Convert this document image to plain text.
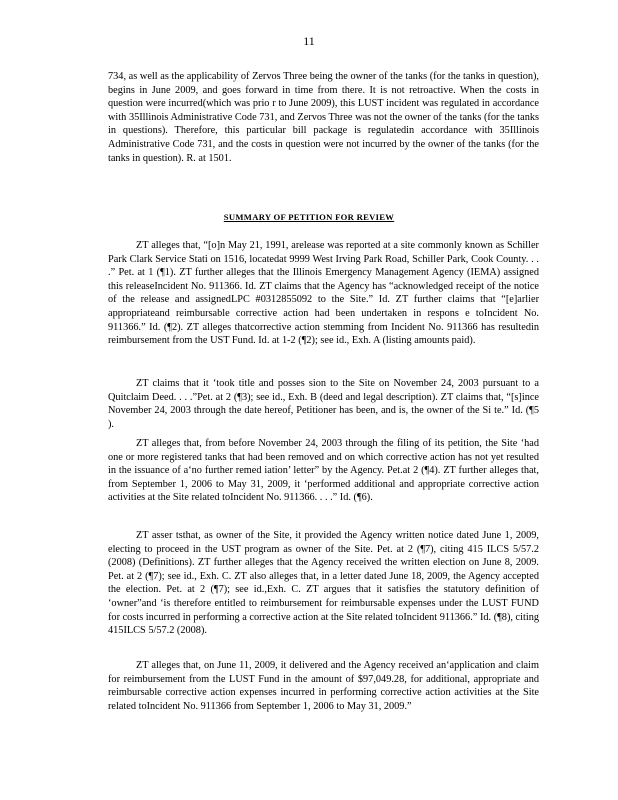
11

734, as well as the applicability of Zervos Three being the owner of the tanks (for the tanks in question), begins in June 2009, and goes forward in time from there. It is not retroactive. When the costs in question were incurred(which was prio r to June 2009), this LUST incident was regulated in accordance with 35Illinois Administrative Code 731, and Zervos Three was not the owner of the tanks (for the tanks in questions). Therefore, this particular bill package is regulatedin accordance with 35Illinois Administrative Code 731, and the costs in question were not incurred by the owner of the tanks (for the tanks in question). R. at 1501.

SUMMARY OF PETITION FOR REVIEW

ZT alleges that, “[o]n May 21, 1991, arelease was reported at a site commonly known as Schiller Park Clark Service Stati on 1516, locatedat 9999 West Irving Park Road, Schiller Park, Cook County. . . .” Pet. at 1 (¶1). ZT further alleges that the Illinois Emergency Management Agency (IEMA) assigned this releaseIncident No. 911366. Id. ZT claims that the Agency has “acknowledged receipt of the notice of the release and assignedLPC #0312855092 to the Site.” Id. ZT further claims that “[e]arlier appropriateand reimbursable corrective action had been undertaken in respons e toIncident No. 911366.” Id. (¶2). ZT alleges thatcorrective action stemming from Incident No. 911366 has resultedin reimbursement from the UST Fund. Id. at 1-2 (¶2); see id., Exh. A (listing amounts paid).

ZT claims that it ‘took title and posses sion to the Site on November 24, 2003 pursuant to a Quitclaim Deed. . . .”Pet. at 2 (¶3); see id., Exh. B (deed and legal description). ZT claims that, “[s]ince November 24, 2003 through the date hereof, Petitioner has been, and is, the owner of the Si te.” Id. (¶5 ).

ZT alleges that, from before November 24, 2003 through the filing of its petition, the Site ‘had one or more registered tanks that had been removed and on which corrective action has not yet resulted in the issuance of a‘no further remed iation’ letter” by the Agency. Pet.at 2 (¶4). ZT further alleges that, from September 1, 2006 to May 31, 2009, it ‘performed additional and appropriate corrective action activities at the Site related toIncident No. 911366. . . .” Id. (¶6).

ZT asser tsthat, as owner of the Site, it provided the Agency written notice dated June 1, 2009, electing to proceed in the UST program as owner of the Site. Pet. at 2 (¶7), citing 415 ILCS 5/57.2 (2008) (Definitions). ZT further alleges that the Agency received the written election on June 8, 2009. Pet. at 2 (¶7); see id., Exh. C. ZT also alleges that, in a letter dated June 18, 2009, the Agency accepted the election. Pet. at 2 (¶7); see id.,Exh. C. ZT argues that it satisfies the statutory definition of ‘owner”and ‘is therefore entitled to reimbursement for reimbursable expenses under the LUST FUND for costs incurred in performing a corrective action at the Site related toIncident 911366.” Id. (¶8), citing 415ILCS 5/57.2 (2008).

ZT alleges that, on June 11, 2009, it delivered and the Agency received an‘application and claim for reimbursement from the LUST Fund in the amount of $97,049.28, for additional, appropriate and reimbursable corrective action expenses incurred in performing corrective action activities at the Site related toIncident No. 911366 from September 1, 2006 to May 31, 2009.”
